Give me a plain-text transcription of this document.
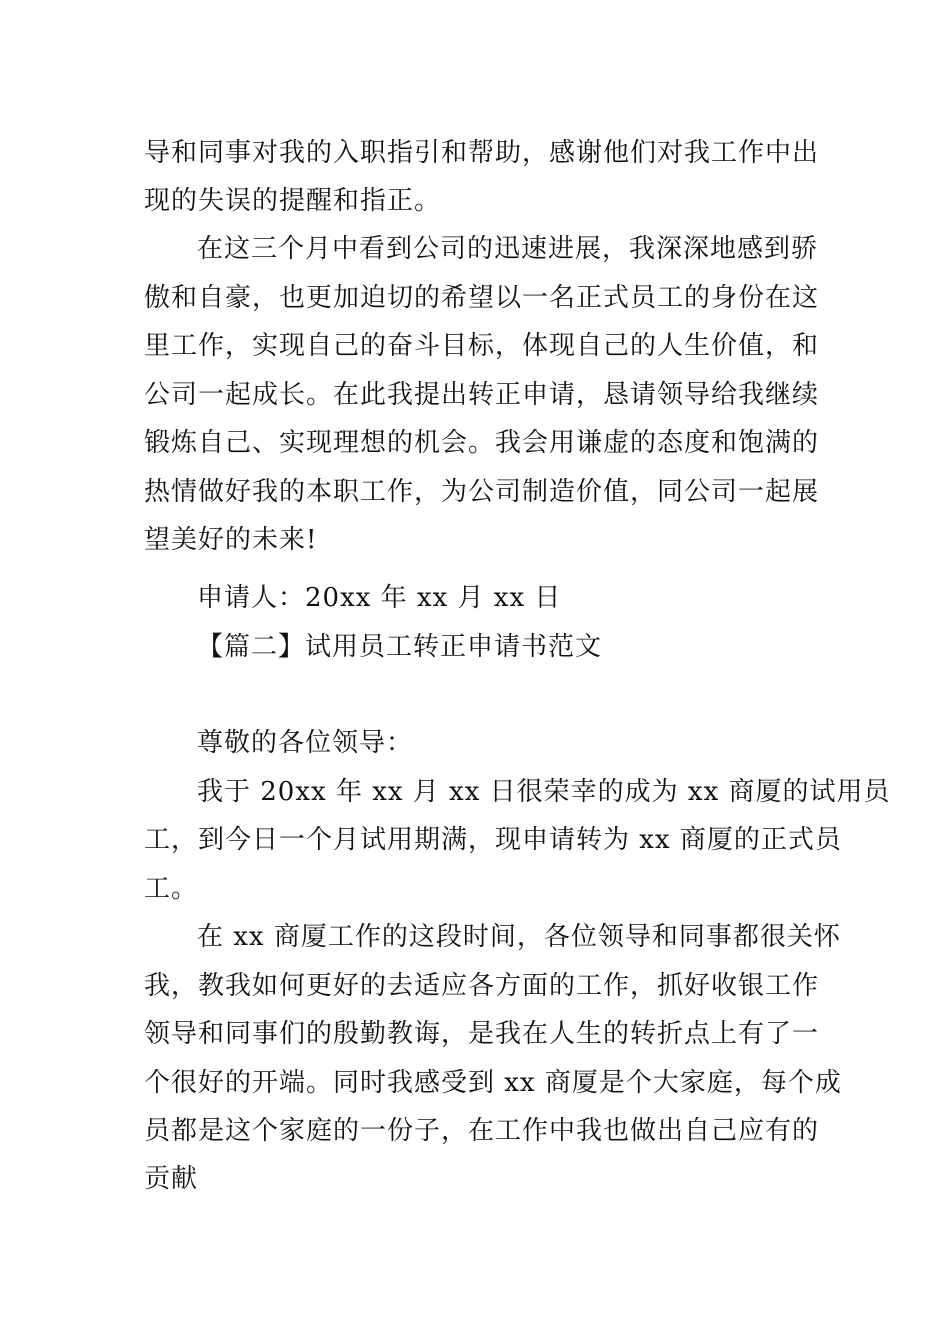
导和同事对我的入职指引和帮助，感谢他们对我工作中出
现的失误的提醒和指正。
在这三个月中看到公司的迅速进展，我深深地感到骄
傲和自豪，也更加迫切的希望以一名正式员工的身份在这
里工作，实现自己的奋斗目标，体现自己的人生价值，和
公司一起成长。在此我提出转正申请，恳请领导给我继续
锻炼自己、实现理想的机会。我会用谦虚的态度和饱满的
热情做好我的本职工作，为公司制造价值，同公司一起展
望美好的未来!
申请人：20xx 年 xx 月 xx 日
【篇二】试用员工转正申请书范文
尊敬的各位领导：
我于 20xx 年 xx 月 xx 日很荣幸的成为 xx 商厦的试用员
工，到今日一个月试用期满，现申请转为 xx 商厦的正式员
工。
在 xx 商厦工作的这段时间，各位领导和同事都很关怀
我，教我如何更好的去适应各方面的工作，抓好收银工作
领导和同事们的殷勤教诲，是我在人生的转折点上有了一
个很好的开端。同时我感受到 xx 商厦是个大家庭，每个成
员都是这个家庭的一份子，在工作中我也做出自己应有的
贡献
